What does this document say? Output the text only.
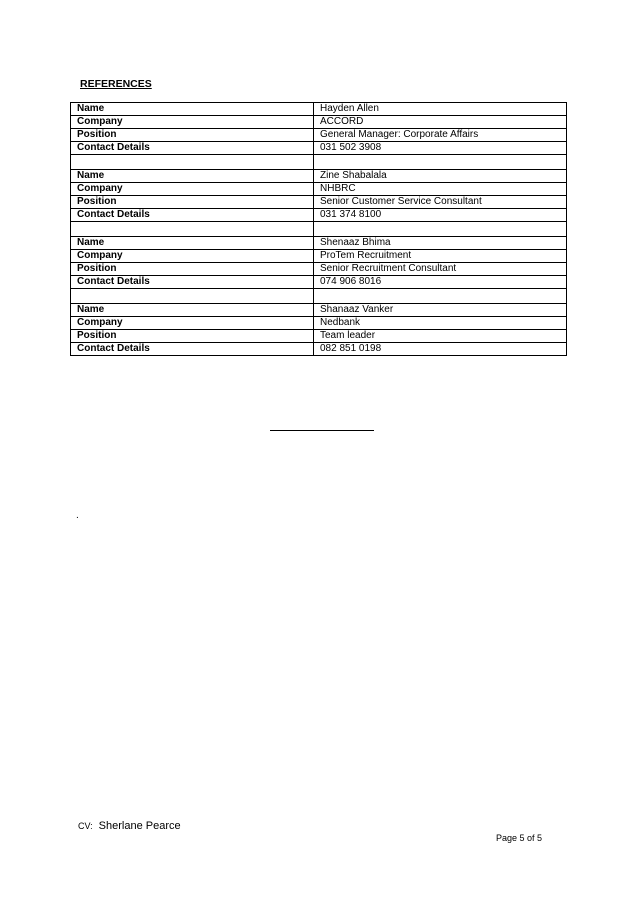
REFERENCES
Name	Hayden Allen
Company	ACCORD
Position	General Manager: Corporate Affairs
Contact Details	031 502 3908

Name	Zine Shabalala
Company	NHBRC
Position	Senior Customer Service Consultant
Contact Details	031 374 8100

Name	Shenaaz Bhima
Company	ProTem Recruitment
Position	Senior Recruitment Consultant
Contact Details	074 906 8016

Name	Shanaaz Vanker
Company	Nedbank
Position	Team leader
Contact Details	082 851 0198
.
CV: Sherlane Pearce
Page 5 of 5
